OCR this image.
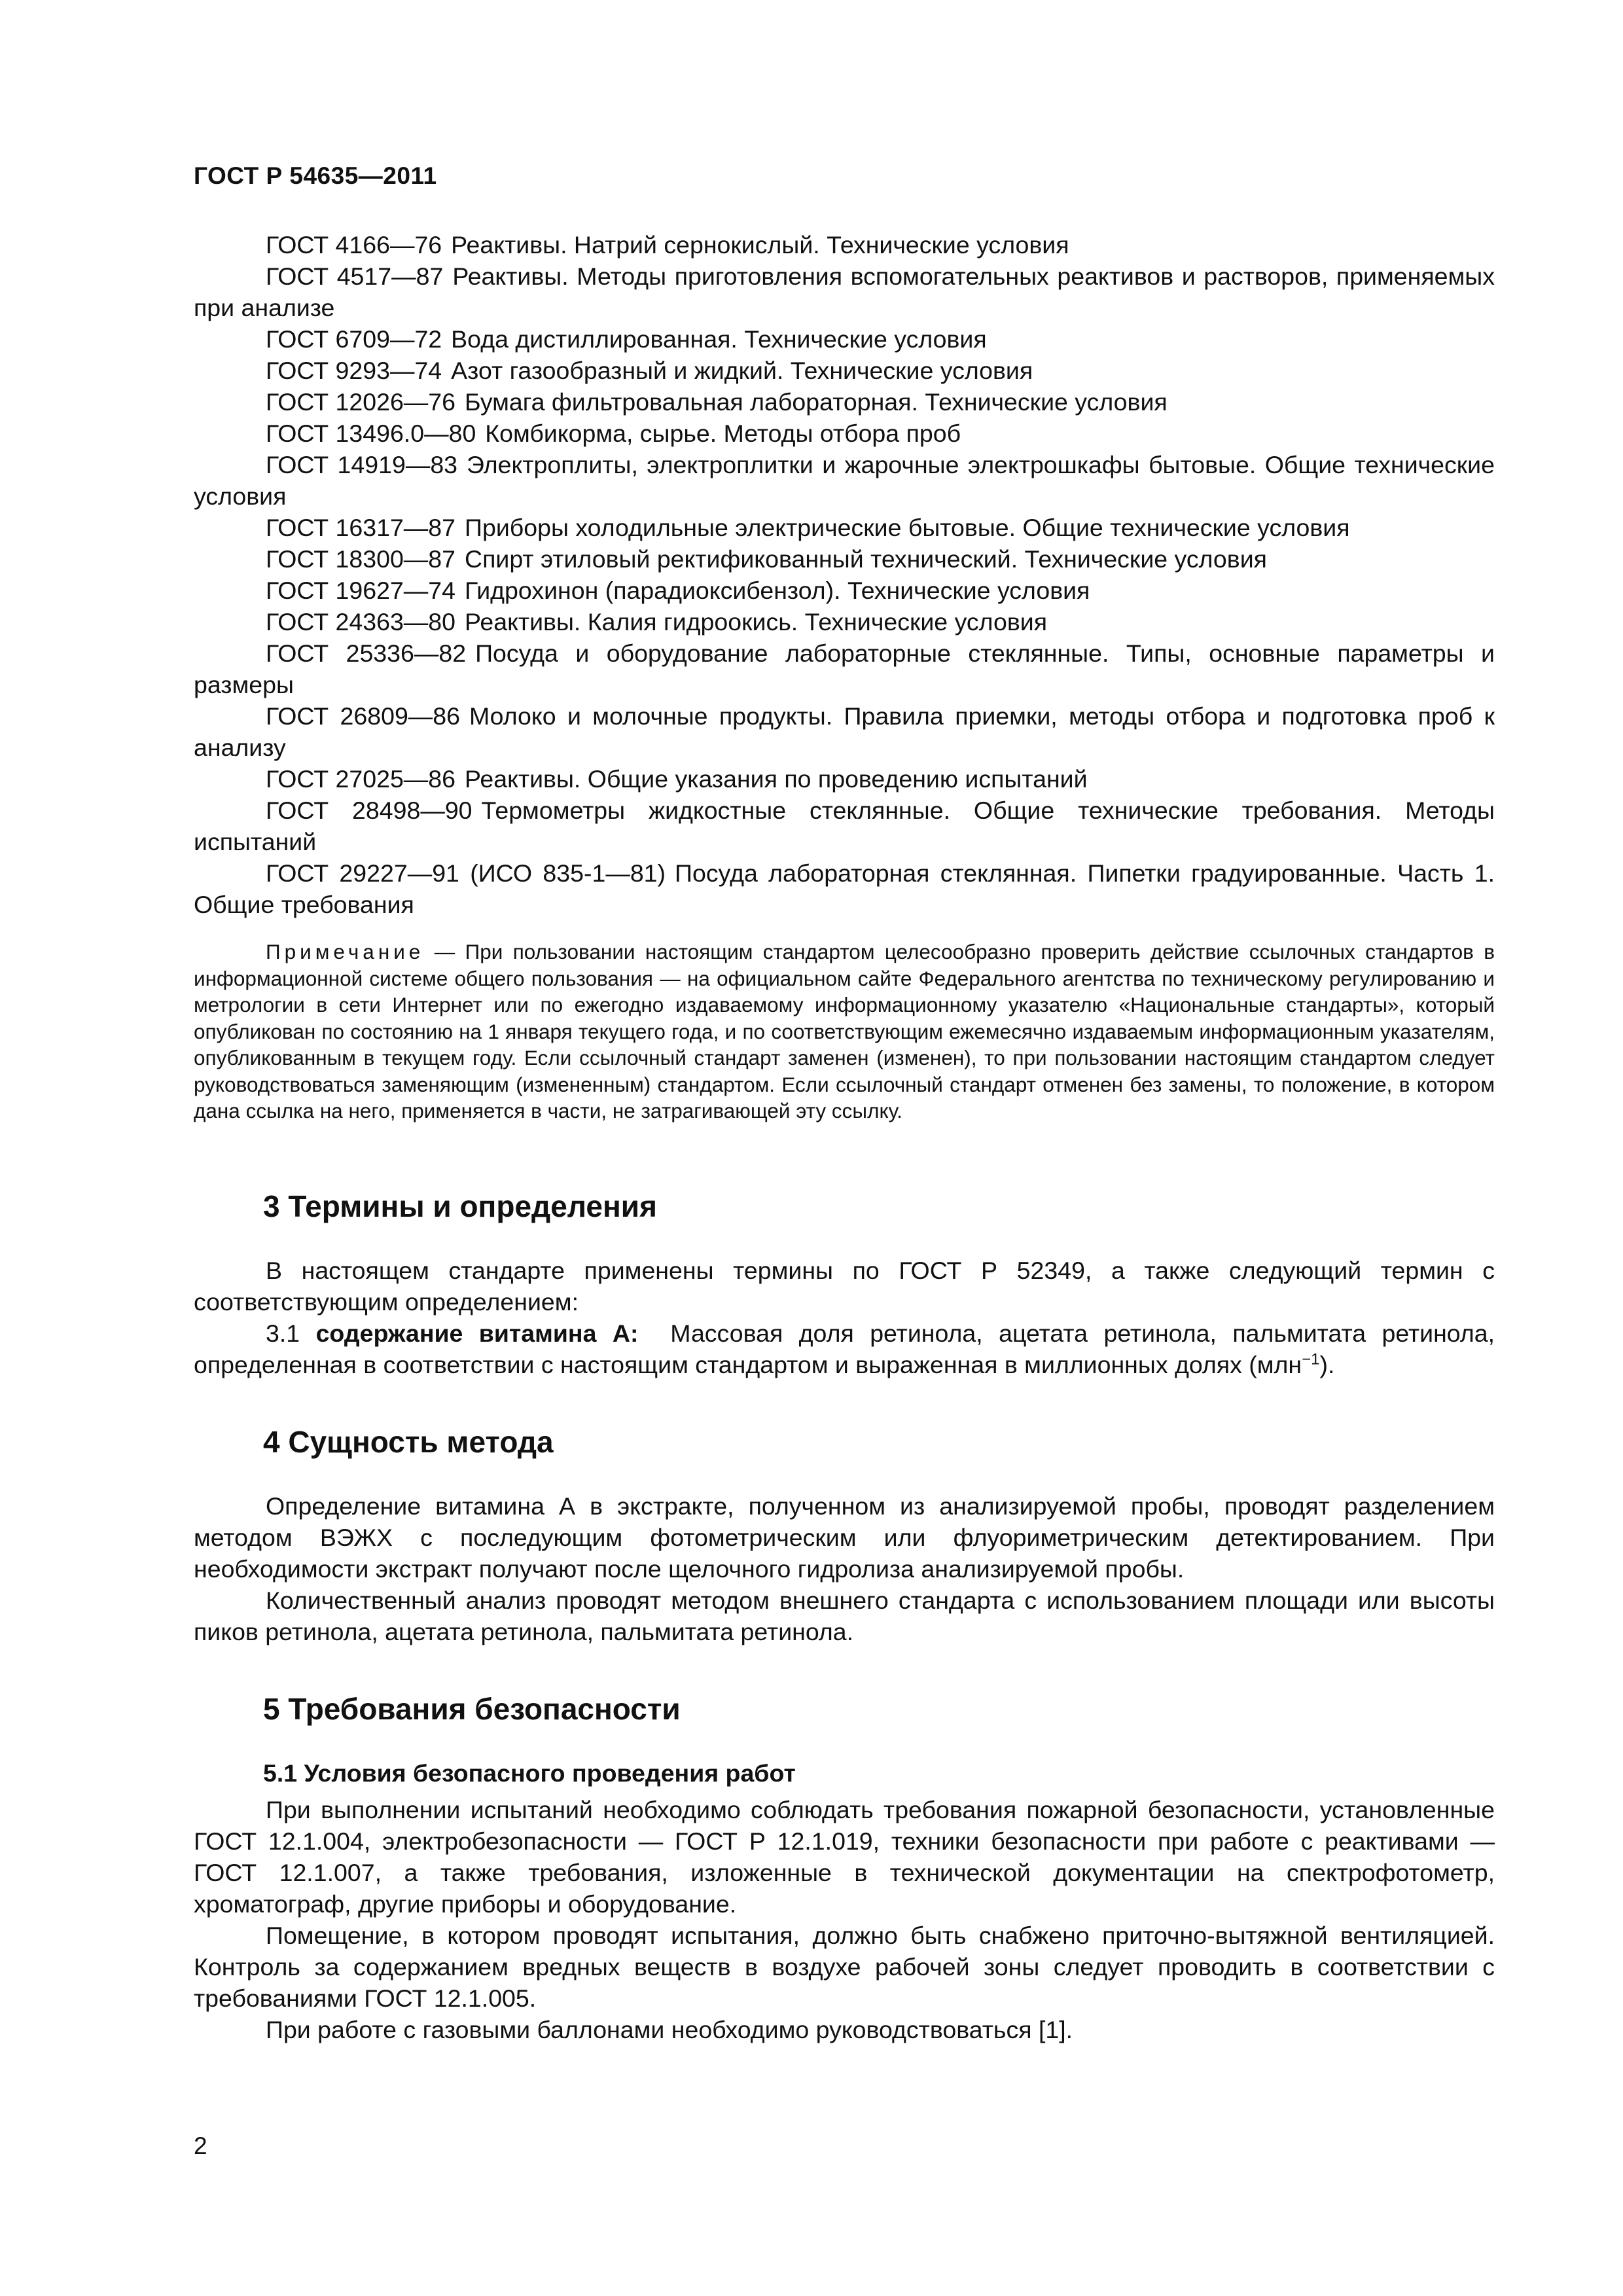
ГОСТ Р 54635—2011

ГОСТ 4166—76 Реактивы. Натрий сернокислый. Технические условия

ГОСТ 4517—87 Реактивы. Методы приготовления вспомогательных реактивов и растворов, применяемых при анализе

ГОСТ 6709—72 Вода дистиллированная. Технические условия

ГОСТ 9293—74 Азот газообразный и жидкий. Технические условия

ГОСТ 12026—76 Бумага фильтровальная лабораторная. Технические условия

ГОСТ 13496.0—80 Комбикорма, сырье. Методы отбора проб

ГОСТ 14919—83 Электроплиты, электроплитки и жарочные электрошкафы бытовые. Общие технические условия

ГОСТ 16317—87 Приборы холодильные электрические бытовые. Общие технические условия

ГОСТ 18300—87 Спирт этиловый ректификованный технический. Технические условия

ГОСТ 19627—74 Гидрохинон (парадиоксибензол). Технические условия

ГОСТ 24363—80 Реактивы. Калия гидроокись. Технические условия

ГОСТ 25336—82 Посуда и оборудование лабораторные стеклянные. Типы, основные параметры и размеры

ГОСТ 26809—86 Молоко и молочные продукты. Правила приемки, методы отбора и подготовка проб к анализу

ГОСТ 27025—86 Реактивы. Общие указания по проведению испытаний

ГОСТ 28498—90 Термометры жидкостные стеклянные. Общие технические требования. Методы испытаний

ГОСТ 29227—91 (ИСО 835-1—81) Посуда лабораторная стеклянная. Пипетки градуированные. Часть 1. Общие требования

Примечание — При пользовании настоящим стандартом целесообразно проверить действие ссылочных стандартов в информационной системе общего пользования — на официальном сайте Федерального агентства по техническому регулированию и метрологии в сети Интернет или по ежегодно издаваемому информационному указателю «Национальные стандарты», который опубликован по состоянию на 1 января текущего года, и по соответствующим ежемесячно издаваемым информационным указателям, опубликованным в текущем году. Если ссылочный стандарт заменен (изменен), то при пользовании настоящим стандартом следует руководствоваться заменяющим (измененным) стандартом. Если ссылочный стандарт отменен без замены, то положение, в котором дана ссылка на него, применяется в части, не затрагивающей эту ссылку.

3 Термины и определения

В настоящем стандарте применены термины по ГОСТ Р 52349, а также следующий термин с соответствующим определением:

3.1 содержание витамина А: Массовая доля ретинола, ацетата ретинола, пальмитата ретинола, определенная в соответствии с настоящим стандартом и выраженная в миллионных долях (млн$^{-1}$).

4 Сущность метода

Определение витамина А в экстракте, полученном из анализируемой пробы, проводят разделением методом ВЭЖХ с последующим фотометрическим или флуориметрическим детектированием. При необходимости экстракт получают после щелочного гидролиза анализируемой пробы.

Количественный анализ проводят методом внешнего стандарта с использованием площади или высоты пиков ретинола, ацетата ретинола, пальмитата ретинола.

5 Требования безопасности
5.1 Условия безопасного проведения работ

При выполнении испытаний необходимо соблюдать требования пожарной безопасности, установленные ГОСТ 12.1.004, электробезопасности — ГОСТ Р 12.1.019, техники безопасности при работе с реактивами — ГОСТ 12.1.007, а также требования, изложенные в технической документации на спектрофотометр, хроматограф, другие приборы и оборудование.

Помещение, в котором проводят испытания, должно быть снабжено приточно-вытяжной вентиляцией. Контроль за содержанием вредных веществ в воздухе рабочей зоны следует проводить в соответствии с требованиями ГОСТ 12.1.005.

При работе с газовыми баллонами необходимо руководствоваться [1].

2
